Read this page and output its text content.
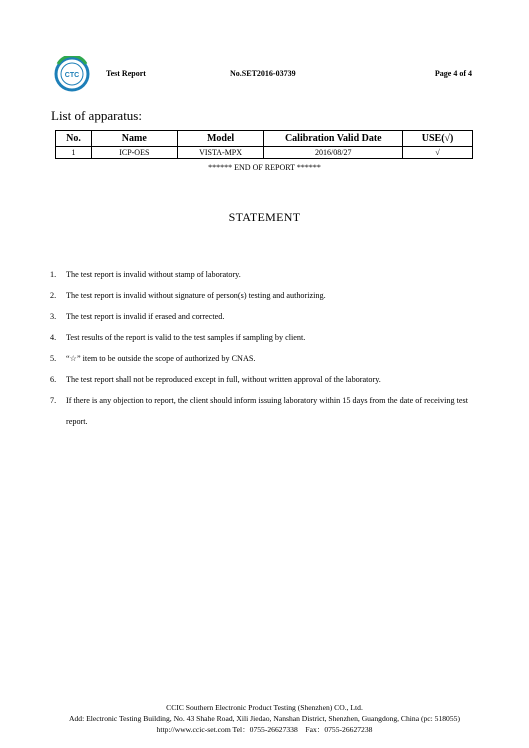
CTC	Test Report	No.SET2016-03739	Page 4 of 4
List of apparatus:
No.	Name	Model	Calibration Valid Date	USE(√)
1	ICP-OES	VISTA-MPX	2016/08/27	√
****** END OF REPORT ******
STATEMENT
1. The test report is invalid without stamp of laboratory.
2. The test report is invalid without signature of person(s) testing and authorizing.
3. The test report is invalid if erased and corrected.
4. Test results of the report is valid to the test samples if sampling by client.
5. “☆” item to be outside the scope of authorized by CNAS.
6. The test report shall not be reproduced except in full, without written approval of the laboratory.
7. If there is any objection to report, the client should inform issuing laboratory within 15 days from the date of receiving test report.
CCIC Southern Electronic Product Testing (Shenzhen) CO., Ltd.
Add: Electronic Testing Building, No. 43 Shahe Road, Xili Jiedao, Nanshan District, Shenzhen, Guangdong, China (pc: 518055)
http://www.ccic-set.com Tel：0755-26627338　Fax：0755-26627238
